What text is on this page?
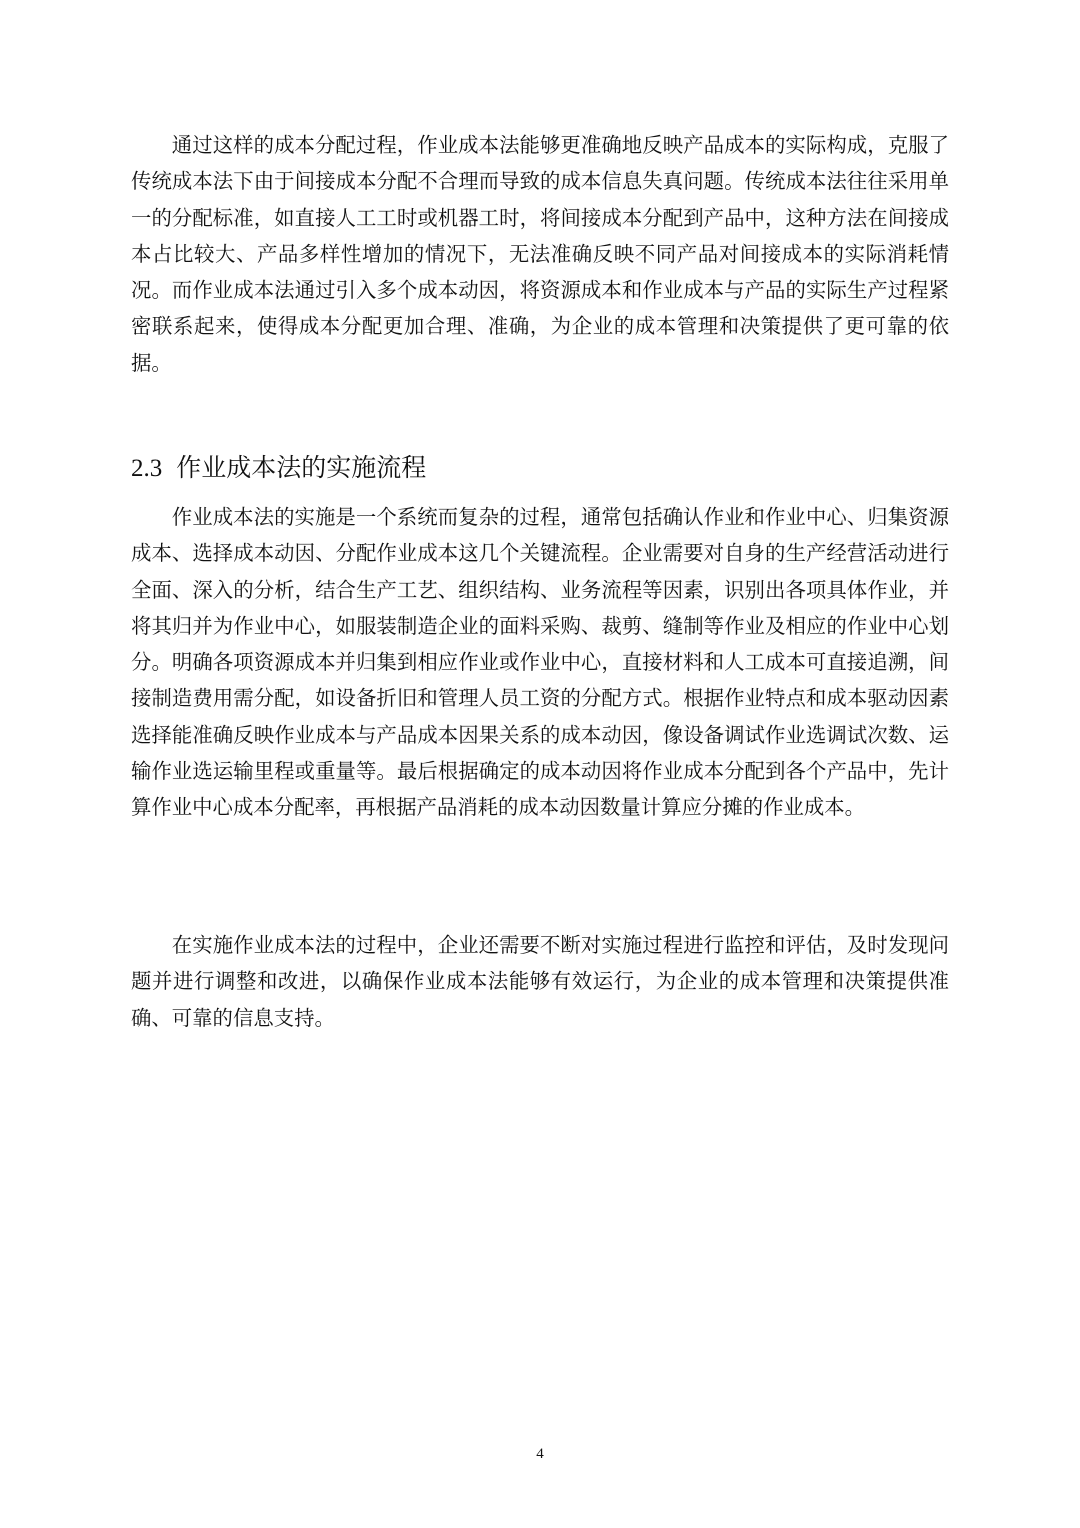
通过这样的成本分配过程，作业成本法能够更准确地反映产品成本的实际构成，克服了传统成本法下由于间接成本分配不合理而导致的成本信息失真问题。传统成本法往往采用单一的分配标准，如直接人工工时或机器工时，将间接成本分配到产品中，这种方法在间接成本占比较大、产品多样性增加的情况下，无法准确反映不同产品对间接成本的实际消耗情况。而作业成本法通过引入多个成本动因，将资源成本和作业成本与产品的实际生产过程紧密联系起来，使得成本分配更加合理、准确，为企业的成本管理和决策提供了更可靠的依据。

2.3 作业成本法的实施流程

作业成本法的实施是一个系统而复杂的过程，通常包括确认作业和作业中心、归集资源成本、选择成本动因、分配作业成本这几个关键流程。企业需要对自身的生产经营活动进行全面、深入的分析，结合生产工艺、组织结构、业务流程等因素，识别出各项具体作业，并将其归并为作业中心，如服装制造企业的面料采购、裁剪、缝制等作业及相应的作业中心划分。明确各项资源成本并归集到相应作业或作业中心，直接材料和人工成本可直接追溯，间接制造费用需分配，如设备折旧和管理人员工资的分配方式。根据作业特点和成本驱动因素选择能准确反映作业成本与产品成本因果关系的成本动因，像设备调试作业选调试次数、运输作业选运输里程或重量等。最后根据确定的成本动因将作业成本分配到各个产品中，先计算作业中心成本分配率，再根据产品消耗的成本动因数量计算应分摊的作业成本。

在实施作业成本法的过程中，企业还需要不断对实施过程进行监控和评估，及时发现问题并进行调整和改进，以确保作业成本法能够有效运行，为企业的成本管理和决策提供准确、可靠的信息支持。

4
